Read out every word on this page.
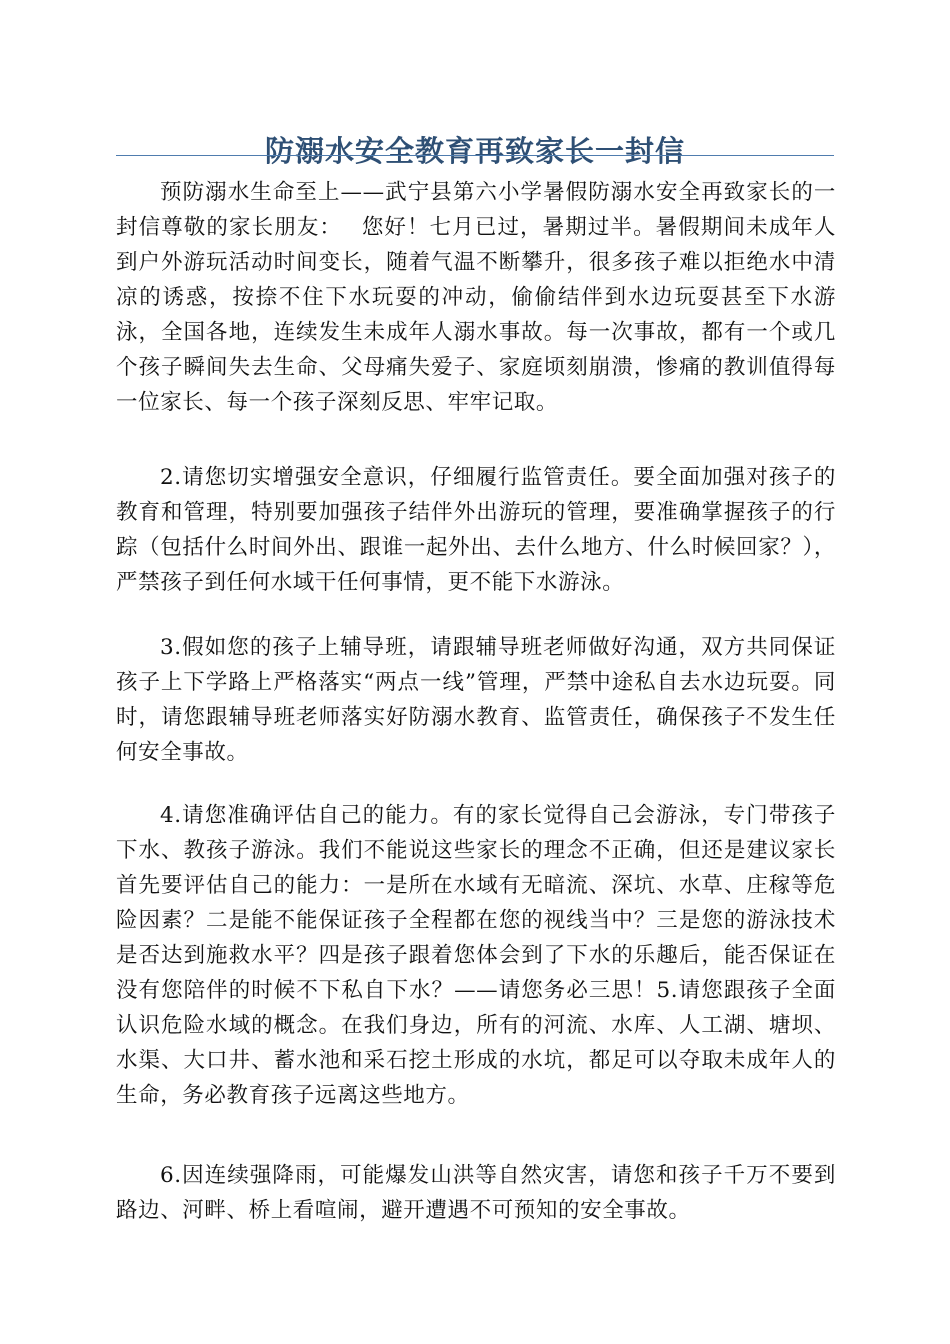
防溺水安全教育再致家长一封信

预防溺水生命至上——武宁县第六小学暑假防溺水安全再致家长的一封信尊敬的家长朋友：　 您好！七月已过，暑期过半。暑假期间未成年人到户外游玩活动时间变长，随着气温不断攀升，很多孩子难以拒绝水中清凉的诱惑，按捺不住下水玩耍的冲动，偷偷结伴到水边玩耍甚至下水游泳，全国各地，连续发生未成年人溺水事故。每一次事故，都有一个或几个孩子瞬间失去生命、父母痛失爱子、家庭顷刻崩溃，惨痛的教训值得每一位家长、每一个孩子深刻反思、牢牢记取。

2.请您切实增强安全意识，仔细履行监管责任。要全面加强对孩子的教育和管理，特别要加强孩子结伴外出游玩的管理，要准确掌握孩子的行踪（包括什么时间外出、跟谁一起外出、去什么地方、什么时候回家？），严禁孩子到任何水域干任何事情，更不能下水游泳。

3.假如您的孩子上辅导班，请跟辅导班老师做好沟通，双方共同保证孩子上下学路上严格落实“两点一线”管理，严禁中途私自去水边玩耍。同时，请您跟辅导班老师落实好防溺水教育、监管责任，确保孩子不发生任何安全事故。

4.请您准确评估自己的能力。有的家长觉得自己会游泳，专门带孩子下水、教孩子游泳。我们不能说这些家长的理念不正确，但还是建议家长首先要评估自己的能力：一是所在水域有无暗流、深坑、水草、庄稼等危险因素？二是能不能保证孩子全程都在您的视线当中？三是您的游泳技术是否达到施救水平？四是孩子跟着您体会到了下水的乐趣后，能否保证在没有您陪伴的时候不下私自下水？——请您务必三思！5.请您跟孩子全面认识危险水域的概念。在我们身边，所有的河流、水库、人工湖、塘坝、水渠、大口井、蓄水池和采石挖土形成的水坑，都足可以夺取未成年人的生命，务必教育孩子远离这些地方。

6.因连续强降雨，可能爆发山洪等自然灾害，请您和孩子千万不要到路边、河畔、桥上看喧闹，避开遭遇不可预知的安全事故。
